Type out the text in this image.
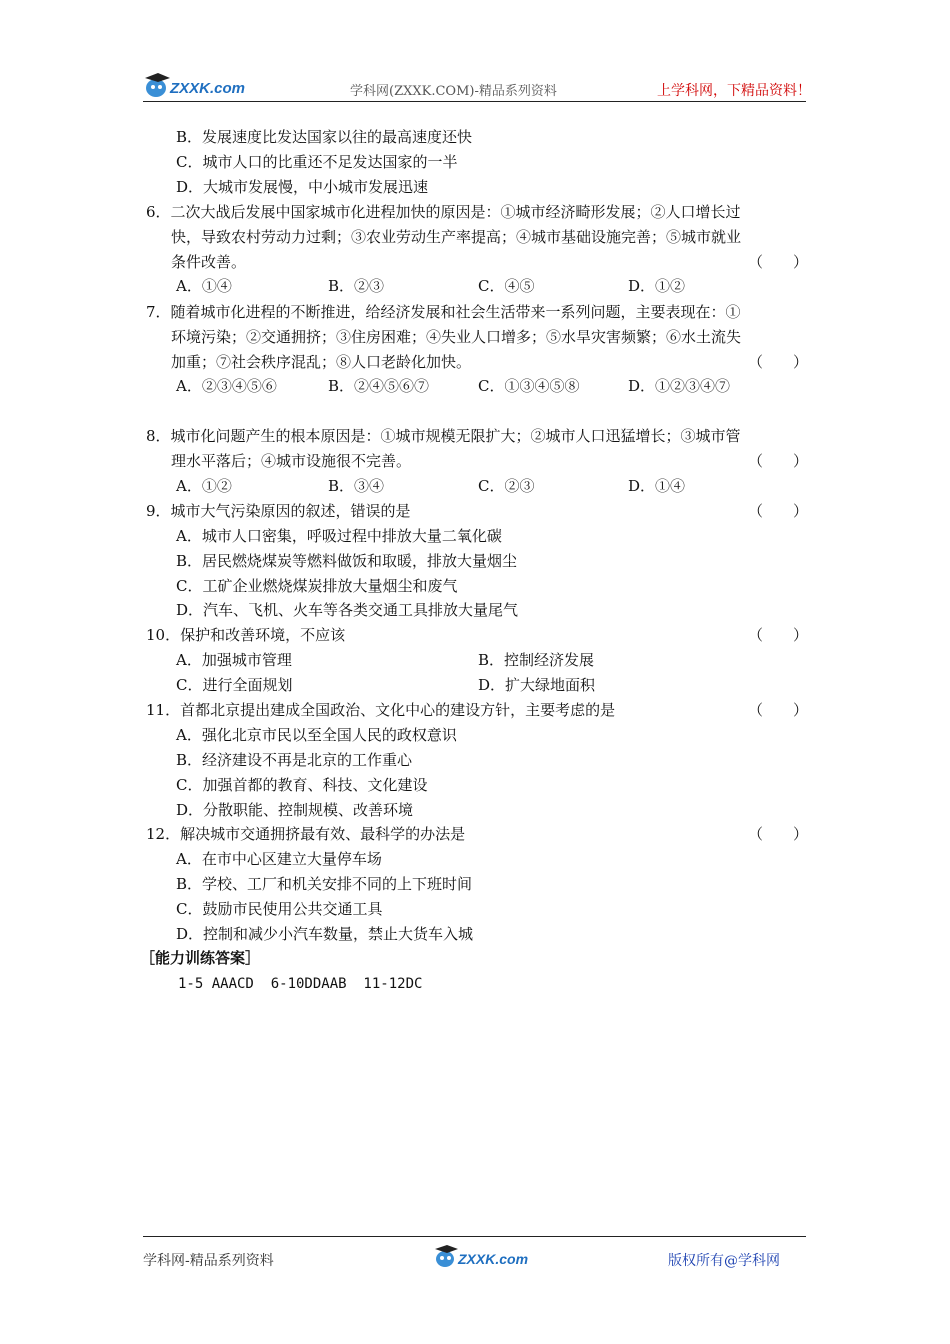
ZXXK.com	学科网(ZXXK.COM)-精品系列资料	上学科网，下精品资料！
B．发展速度比发达国家以往的最高速度还快
C．城市人口的比重还不足发达国家的一半
D．大城市发展慢，中小城市发展迅速
6．二次大战后发展中国家城市化进程加快的原因是：①城市经济畸形发展；②人口增长过
快，导致农村劳动力过剩；③农业劳动生产率提高；④城市基础设施完善；⑤城市就业
条件改善。	（　　）
A．①④	B．②③	C．④⑤	D．①②
7．随着城市化进程的不断推进，给经济发展和社会生活带来一系列问题，主要表现在：①
环境污染；②交通拥挤；③住房困难；④失业人口增多；⑤水旱灾害频繁；⑥水土流失
加重；⑦社会秩序混乱；⑧人口老龄化加快。	（　　）
A．②③④⑤⑥	B．②④⑤⑥⑦	C．①③④⑤⑧	D．①②③④⑦
8．城市化问题产生的根本原因是：①城市规模无限扩大；②城市人口迅猛增长；③城市管
理水平落后；④城市设施很不完善。	（　　）
A．①②	B．③④	C．②③	D．①④
9．城市大气污染原因的叙述，错误的是	（　　）
A．城市人口密集，呼吸过程中排放大量二氧化碳
B．居民燃烧煤炭等燃料做饭和取暖，排放大量烟尘
C．工矿企业燃烧煤炭排放大量烟尘和废气
D．汽车、飞机、火车等各类交通工具排放大量尾气
10．保护和改善环境，不应该	（　　）
A．加强城市管理	B．控制经济发展
C．进行全面规划	D．扩大绿地面积
11．首都北京提出建成全国政治、文化中心的建设方针，主要考虑的是	（　　）
A．强化北京市民以至全国人民的政权意识
B．经济建设不再是北京的工作重心
C．加强首都的教育、科技、文化建设
D．分散职能、控制规模、改善环境
12．解决城市交通拥挤最有效、最科学的办法是	（　　）
A．在市中心区建立大量停车场
B．学校、工厂和机关安排不同的上下班时间
C．鼓励市民使用公共交通工具
D．控制和减少小汽车数量，禁止大货车入城
［能力训练答案］
1-5 AAACD  6-10DDAAB  11-12DC
学科网-精品系列资料	ZXXK.com	版权所有@学科网
